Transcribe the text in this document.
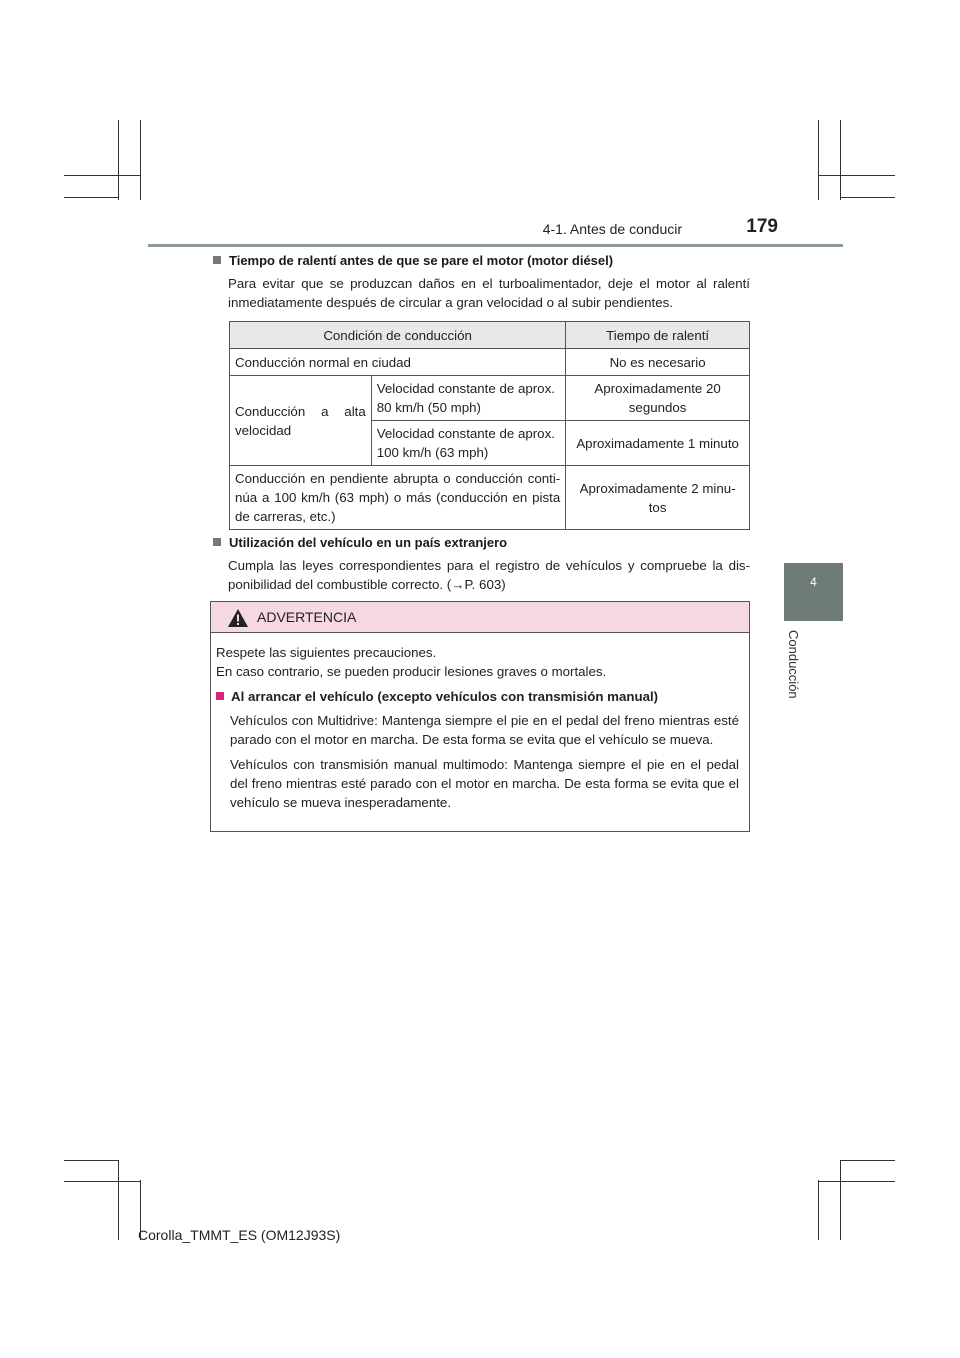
4-1. Antes de conducir	179
4
Conducción
Tiempo de ralentí antes de que se pare el motor (motor diésel)
Para evitar que se produzcan daños en el turboalimentador, deje el motor al ralentí inmediatamente después de circular a gran velocidad o al subir pendientes.
Condición de conducción		Tiempo de ralentí
Conducción normal en ciudad		No es necesario
Conducción a alta velocidad	Velocidad constante de aprox. 80 km/h (50 mph)	Aproximadamente 20 segundos
	Velocidad constante de aprox. 100 km/h (63 mph)	Aproximadamente 1 minuto
Conducción en pendiente abrupta o conducción conti-núa a 100 km/h (63 mph) o más (conducción en pista de carreras, etc.)		Aproximadamente 2 minu-tos
Utilización del vehículo en un país extranjero
Cumpla las leyes correspondientes para el registro de vehículos y compruebe la dis-ponibilidad del combustible correcto. (→P. 603)
ADVERTENCIA

Respete las siguientes precauciones.

En caso contrario, se pueden producir lesiones graves o mortales.

Al arrancar el vehículo (excepto vehículos con transmisión manual)

Vehículos con Multidrive: Mantenga siempre el pie en el pedal del freno mientras esté parado con el motor en marcha. De esta forma se evita que el vehículo se mueva.

Vehículos con transmisión manual multimodo: Mantenga siempre el pie en el pedal del freno mientras esté parado con el motor en marcha. De esta forma se evita que el vehículo se mueva inesperadamente.

Corolla_TMMT_ES (OM12J93S)
